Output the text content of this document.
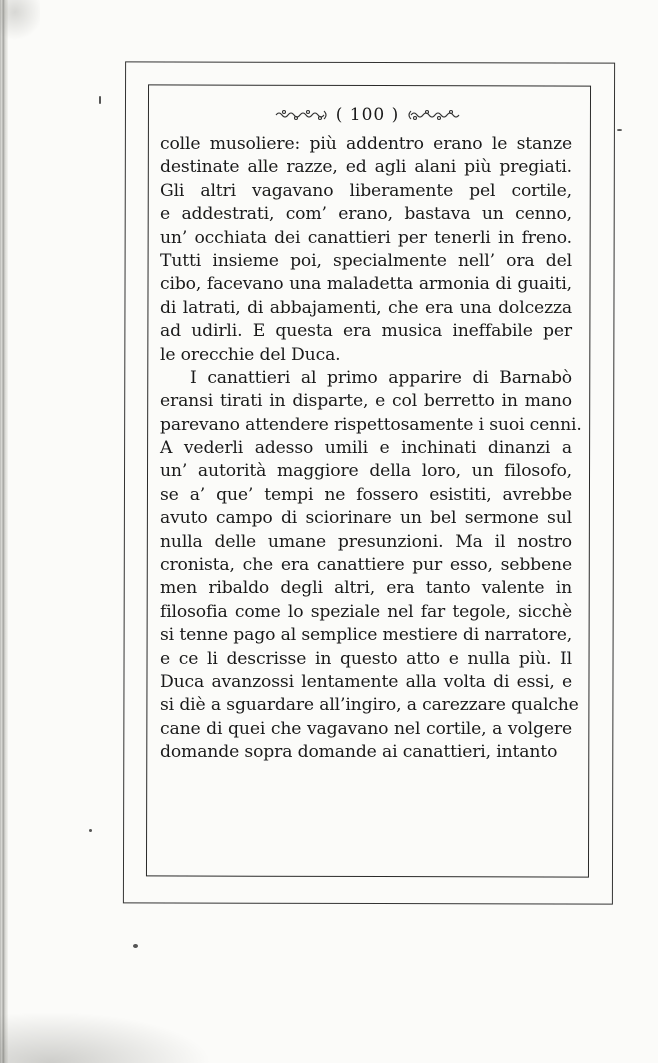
( 100 )
colle musoliere: più addentro erano le stanze
destinate alle razze, ed agli alani più pregiati.
Gli altri vagavano liberamente pel cortile,
e addestrati, com’ erano, bastava un cenno,
un’ occhiata dei canattieri per tenerli in freno.
Tutti insieme poi, specialmente nell’ ora del
cibo, facevano una maladetta armonia di guaiti,
di latrati, di abbajamenti, che era una dolcezza
ad udirli. E questa era musica ineffabile per
le orecchie del Duca.
I canattieri al primo apparire di Barnabò
eransi tirati in disparte, e col berretto in mano
parevano attendere rispettosamente i suoi cenni.
A vederli adesso umili e inchinati dinanzi a
un’ autorità maggiore della loro, un filosofo,
se a’ que’ tempi ne fossero esistiti, avrebbe
avuto campo di sciorinare un bel sermone sul
nulla delle umane presunzioni. Ma il nostro
cronista, che era canattiere pur esso, sebbene
men ribaldo degli altri, era tanto valente in
filosofia come lo speziale nel far tegole, sicchè
si tenne pago al semplice mestiere di narratore,
e ce li descrisse in questo atto e nulla più. Il
Duca avanzossi lentamente alla volta di essi, e
si diè a sguardare all’ingiro, a carezzare qualche
cane di quei che vagavano nel cortile, a volgere
domande sopra domande ai canattieri, intanto
